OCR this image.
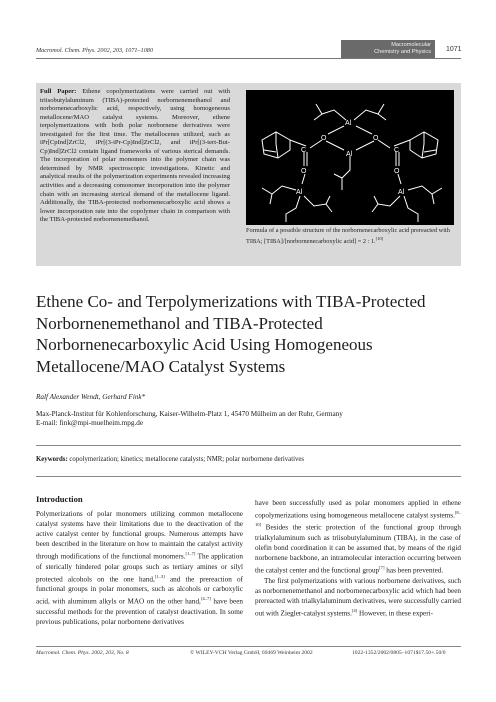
Macromol. Chem. Phys. 2002, 203, 1071–1080
Macromolecular
Chemistry and Physics 1071
Full Paper: Ethene copolymerizations were carried out with triisobutylaluminum (TIBA)-protected norbornenemethanol and norbornenecarboxylic acid, respectively, using homogeneous metallocene/MAO catalyst systems. Moreover, ethene terpolymerizations with both polar norbornene derivatives were investigated for the first time. The metallocenes utilized, such as iPr[CpInd]ZrCl2, iPr[(3-iPr-Cp)Ind]ZrCl2, and iPr[(3-tert-But-Cp)Ind]ZrCl2 contain ligand frameworks of various sterical demands. The incorporation of polar monomers into the polymer chain was determined by NMR spectroscopic investigations. Kinetic and analytical results of the polymerization experiments revealed increasing activities and a decreasing comonomer incorporation into the polymer chain with an increasing sterical demand of the metallocene ligand. Additionally, the TIBA-protected norbornenecarboxylic acid shows a lower incorporation rate into the copolymer chain in comparison with the TIBA-protected norbornenemethanol.
Al
O	O
Al
C	C
O	O
Al	Al
Formula of a possible structure of the norbornenecarboxylic acid prereacted with TIBA; [TIBA]/[norbornenecarboxylic acid] = 2 : 1.[10]
Ethene Co- and Terpolymerizations with TIBA-Protected Norbornenemethanol and TIBA-Protected Norbornenecarboxylic Acid Using Homogeneous Metallocene/MAO Catalyst Systems
Ralf Alexander Wendt, Gerhard Fink*
Max-Planck-Institut für Kohlenforschung, Kaiser-Wilhelm-Platz 1, 45470 Mülheim an der Ruhr, Germany
E-mail: fink@mpi-muelheim.mpg.de
Keywords: copolymerization; kinetics; metallocene catalysts; NMR; polar norbornene derivatives
Introduction

Polymerizations of polar monomers utilizing common metallocene catalyst systems have their limitations due to the deactivation of the active catalyst center by functional groups. Numerous attempts have been described in the literature on how to maintain the catalyst activity through modifications of the functional monomers.[1–7] The application of sterically hindered polar groups such as tertiary amines or silyl protected alcohols on the one hand,[1–3] and the prereaction of functional groups in polar monomers, such as alcohols or carboxylic acid, with aluminum alkyls or MAO on the other hand,[4–7] have been successful methods for the prevention of catalyst deactivation. In some previous publications, polar norbornene derivatives

have been successfully used as polar monomers applied in ethene copolymerizations using homogeneous metallocene catalyst systems.[8–10] Besides the steric protection of the functional group through trialkylaluminum such as triisobutylaluminum (TIBA), in the case of olefin bond coordination it can be assumed that, by means of the rigid norbornene backbone, an intramolecular interaction occurring between the catalyst center and the functional group[7] has been prevented.

The first polymerizations with various norbornene derivatives, such as norbornenemethanol and norbornenecarboxylic acid which had been prereacted with trialkylaluminum derivatives, were successfully carried out with Ziegler-catalyst systems.[4] However, in these experi-

Macromol. Chem. Phys. 2002, 203, No. 8	© WILEY-VCH Verlag GmbH, 69469 Weinheim 2002	1022-1352/2002/0805–1071$17.50+.50/0
